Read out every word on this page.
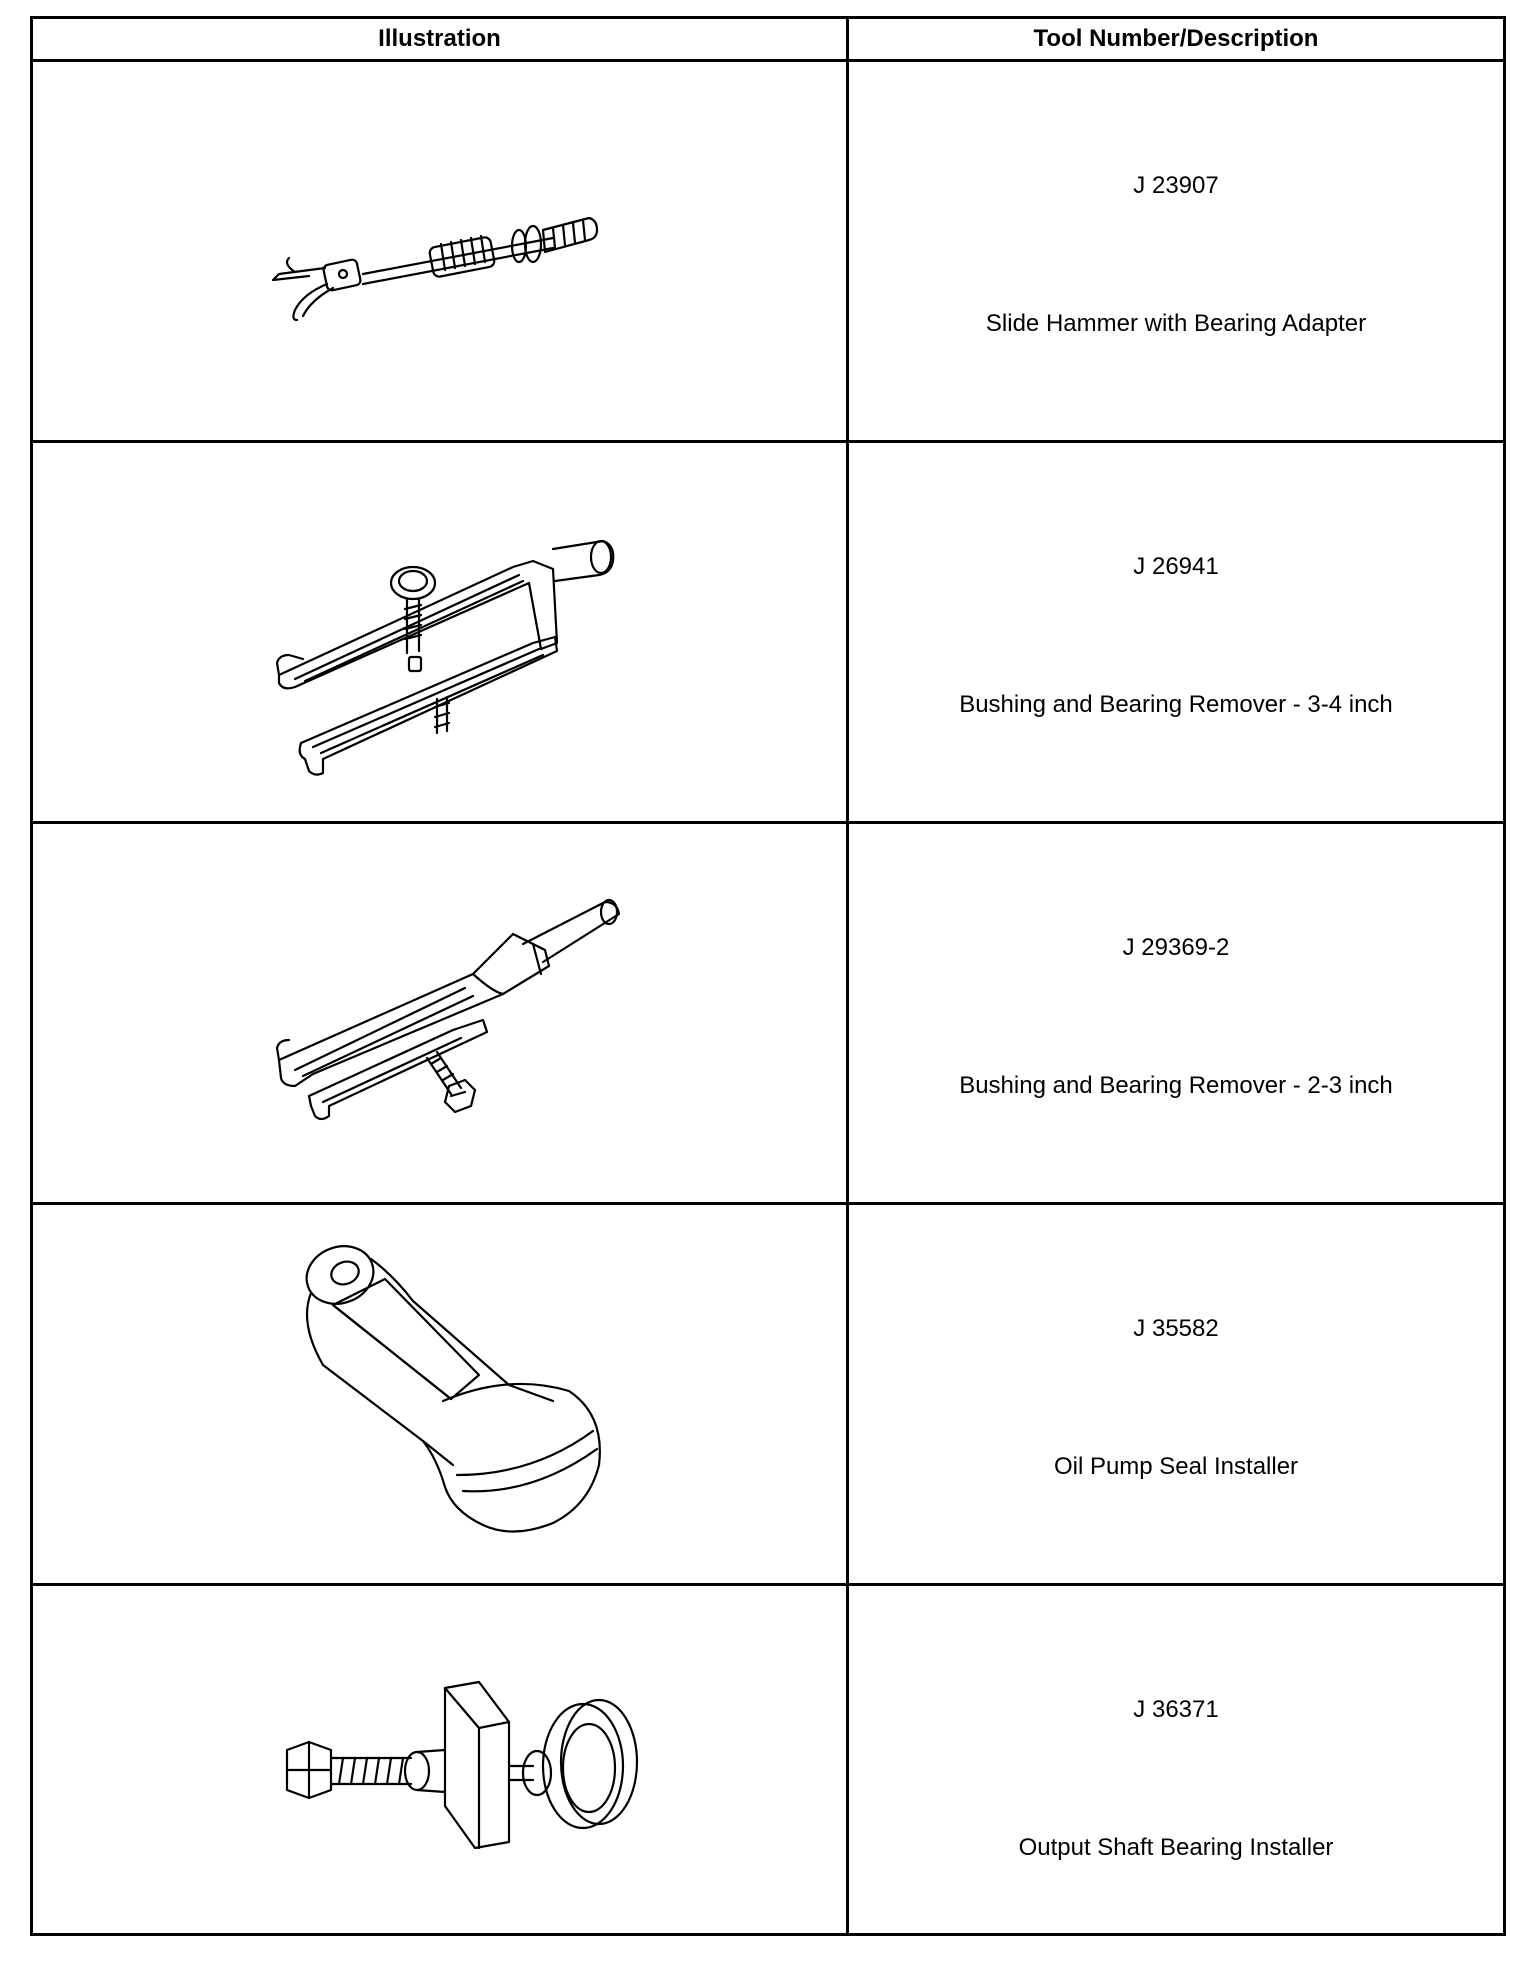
Illustration	Tool Number/Description
J 23907
Slide Hammer with Bearing Adapter
J 26941
Bushing and Bearing Remover - 3-4 inch
J 29369-2
Bushing and Bearing Remover - 2-3 inch
J 35582
Oil Pump Seal Installer
J 36371
Output Shaft Bearing Installer
